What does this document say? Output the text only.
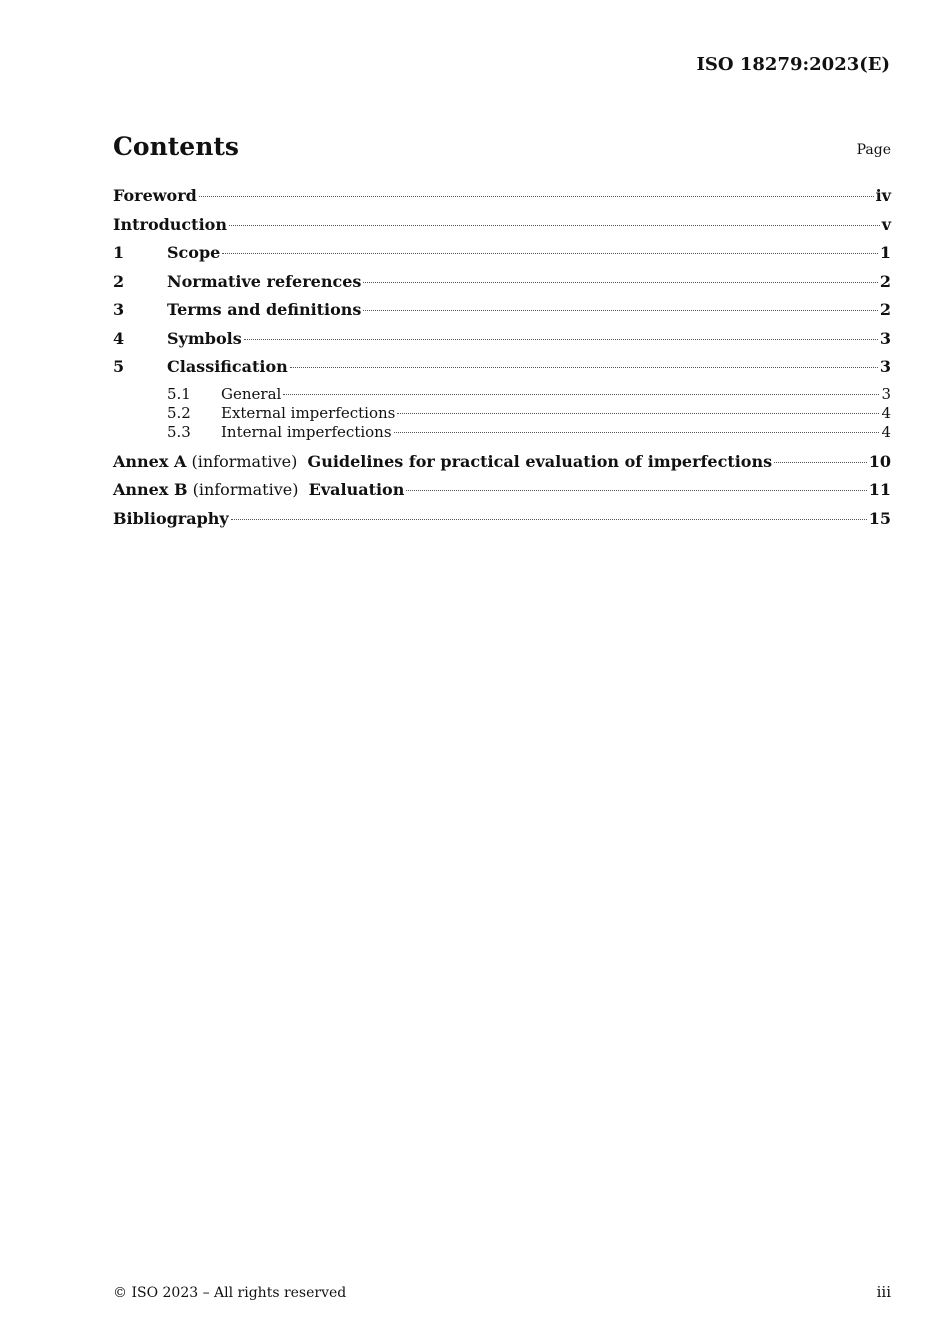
ISO 18279:2023(E)
Contents	Page
Foreword	iv
Introduction	v
1	Scope	1
2	Normative references	2
3	Terms and definitions	2
4	Symbols	3
5	Classification	3
5.1	General	3
5.2	External imperfections	4
5.3	Internal imperfections	4
Annex A (informative) Guidelines for practical evaluation of imperfections	10
Annex B (informative) Evaluation	11
Bibliography	15
© ISO 2023 – All rights reserved	iii
